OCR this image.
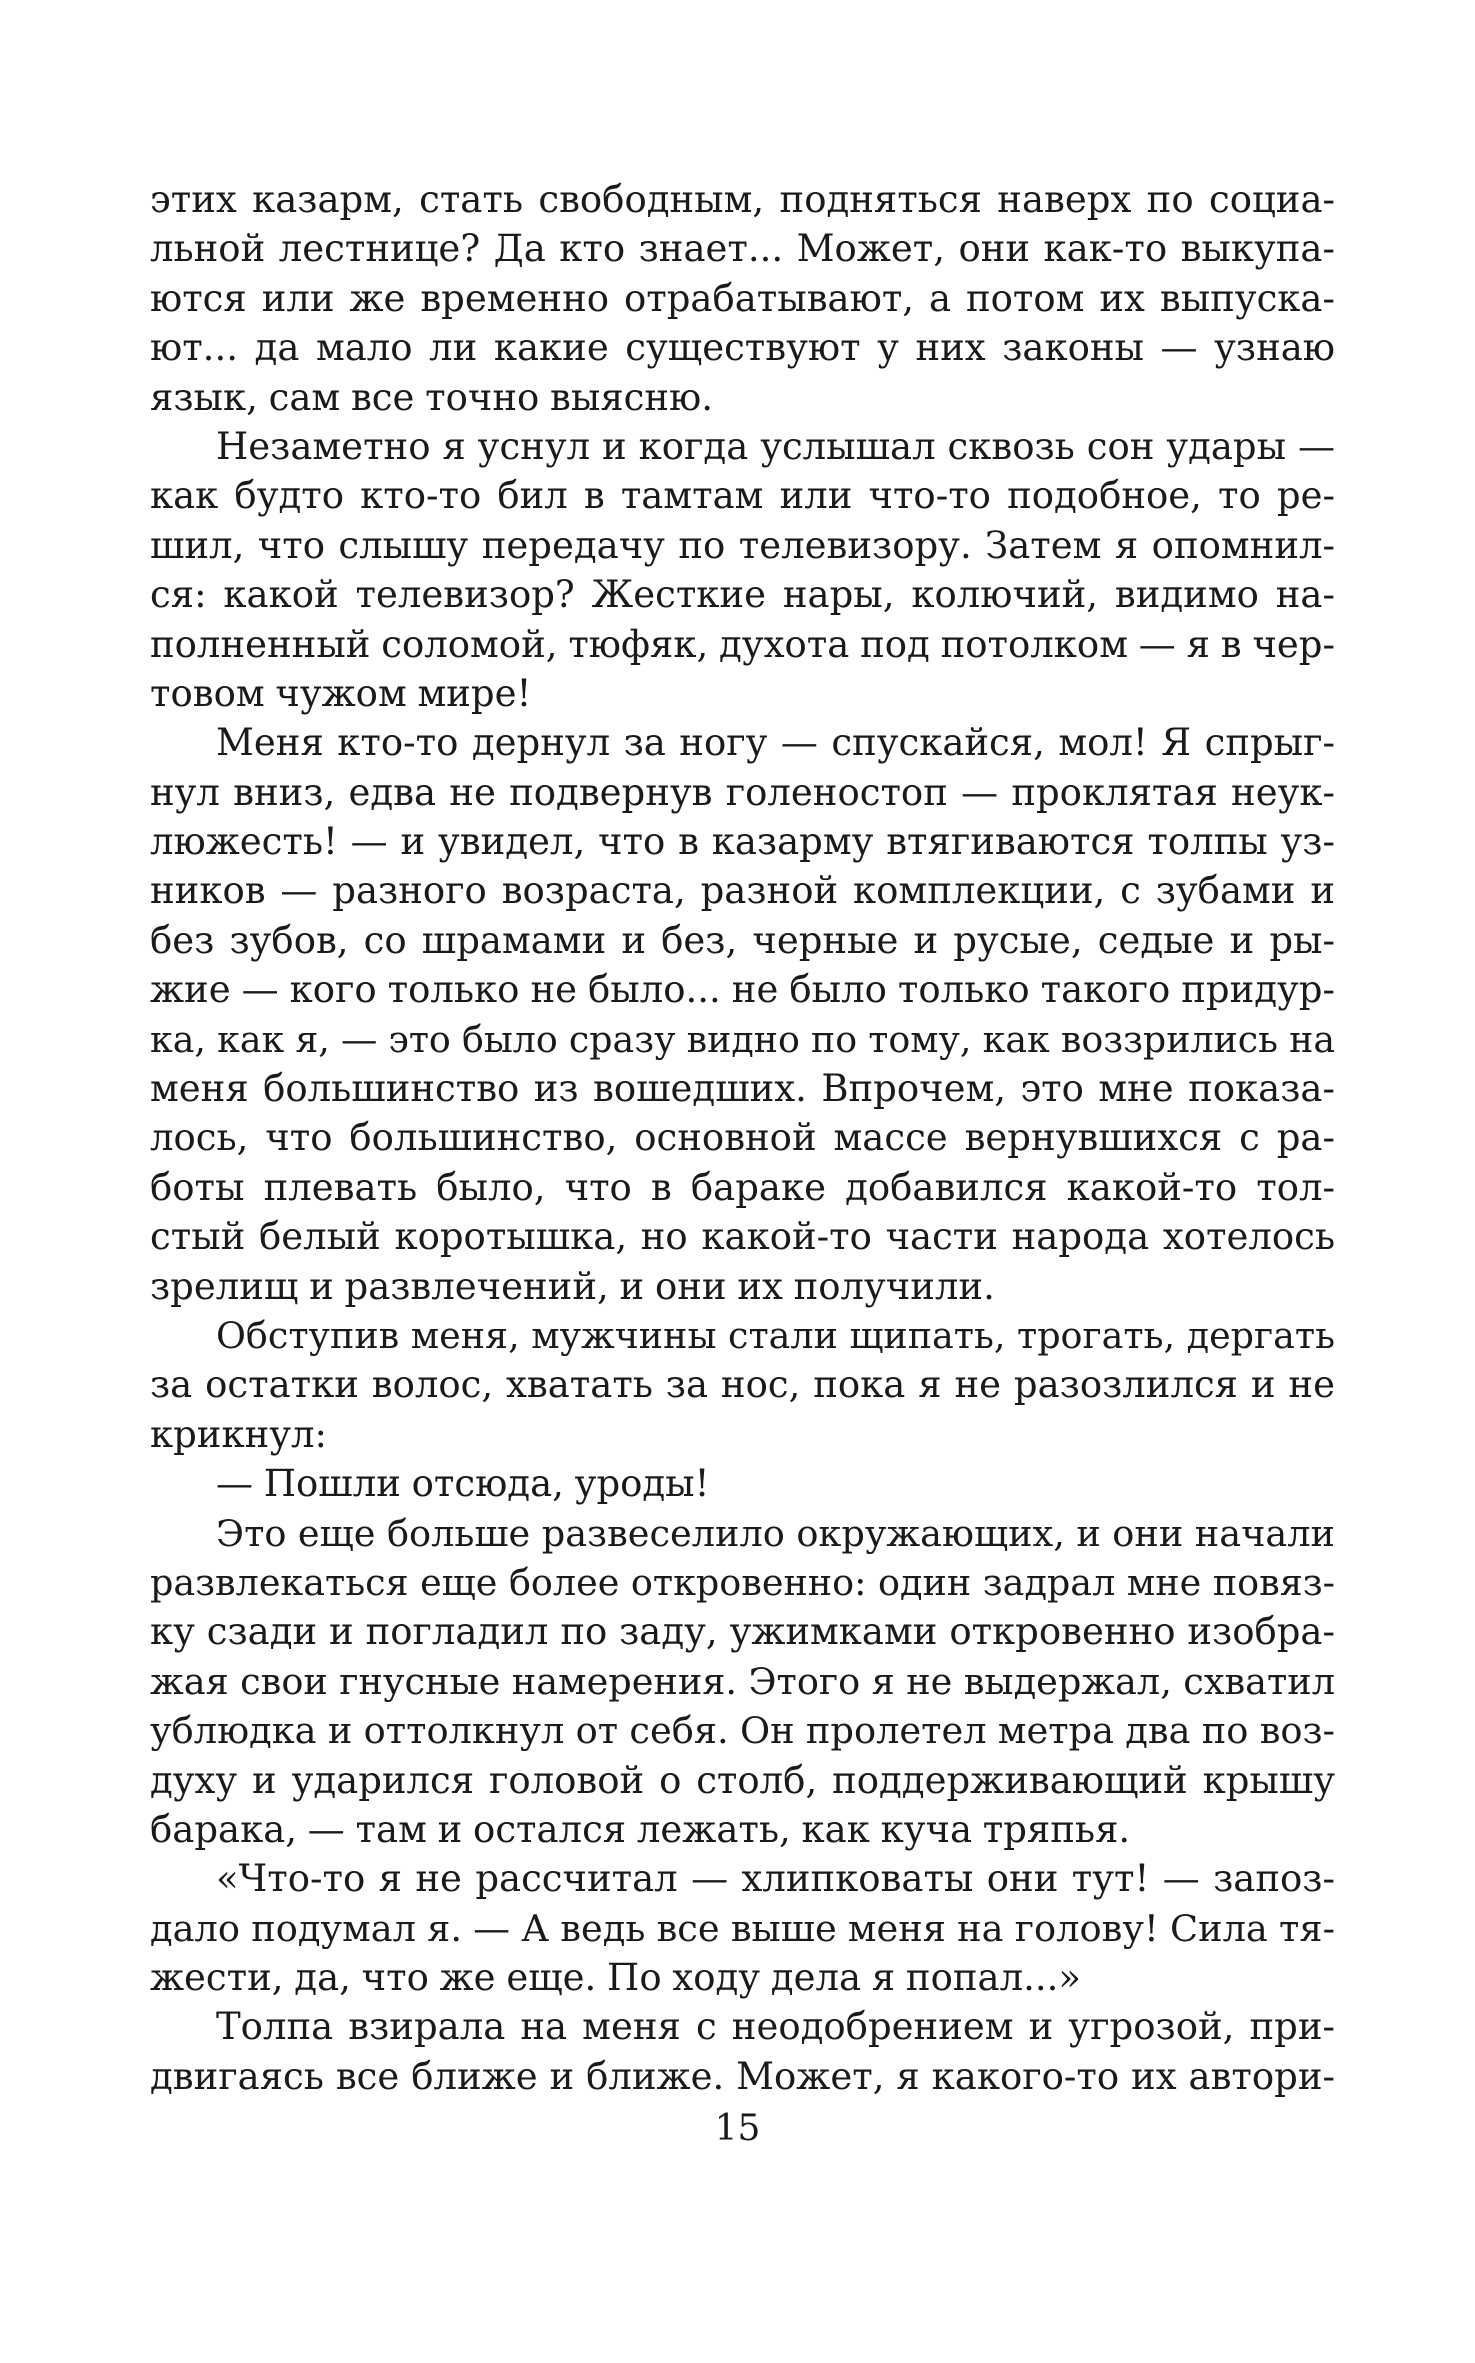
этих казарм, стать свободным, подняться наверх по социа-
льной лестнице? Да кто знает... Может, они как-то выкупа-
ются или же временно отрабатывают, а потом их выпуска-
ют... да мало ли какие существуют у них законы — узнаю
язык, сам все точно выясню.
Незаметно я уснул и когда услышал сквозь сон удары —
как будто кто-то бил в тамтам или что-то подобное, то ре-
шил, что слышу передачу по телевизору. Затем я опомнил-
ся: какой телевизор? Жесткие нары, колючий, видимо на-
полненный соломой, тюфяк, духота под потолком — я в чер-
товом чужом мире!
Меня кто-то дернул за ногу — спускайся, мол! Я спрыг-
нул вниз, едва не подвернув голеностоп — проклятая неук-
люжесть! — и увидел, что в казарму втягиваются толпы уз-
ников — разного возраста, разной комплекции, с зубами и
без зубов, со шрамами и без, черные и русые, седые и ры-
жие — кого только не было... не было только такого придур-
ка, как я, — это было сразу видно по тому, как воззрились на
меня большинство из вошедших. Впрочем, это мне показа-
лось, что большинство, основной массе вернувшихся с ра-
боты плевать было, что в бараке добавился какой-то тол-
стый белый коротышка, но какой-то части народа хотелось
зрелищ и развлечений, и они их получили.
Обступив меня, мужчины стали щипать, трогать, дергать
за остатки волос, хватать за нос, пока я не разозлился и не
крикнул:
— Пошли отсюда, уроды!
Это еще больше развеселило окружающих, и они начали
развлекаться еще более откровенно: один задрал мне повяз-
ку сзади и погладил по заду, ужимками откровенно изобра-
жая свои гнусные намерения. Этого я не выдержал, схватил
ублюдка и оттолкнул от себя. Он пролетел метра два по воз-
духу и ударился головой о столб, поддерживающий крышу
барака, — там и остался лежать, как куча тряпья.
«Что-то я не рассчитал — хлипковаты они тут! — запоз-
дало подумал я. — А ведь все выше меня на голову! Сила тя-
жести, да, что же еще. По ходу дела я попал...»
Толпа взирала на меня с неодобрением и угрозой, при-
двигаясь все ближе и ближе. Может, я какого-то их автори-
15
